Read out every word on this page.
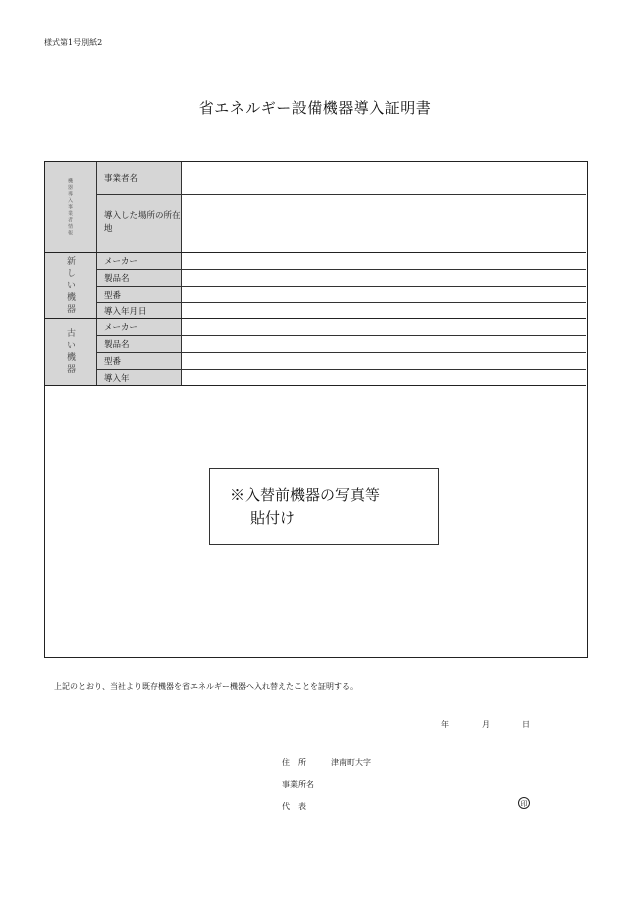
様式第1号別紙2
省エネルギー設備機器導入証明書
機器導入事業者情報	事業者名
導入した場所の所在地
新しい機器	メーカー
製品名
型番
導入年月日
古い機器	メーカー
製品名
型番
導入年
※入替前機器の写真等
貼付け
上記のとおり、当社より既存機器を省エネルギー機器へ入れ替えたことを証明する。
年	月	日
住　所	津南町大字
事業所名
代　表	印
